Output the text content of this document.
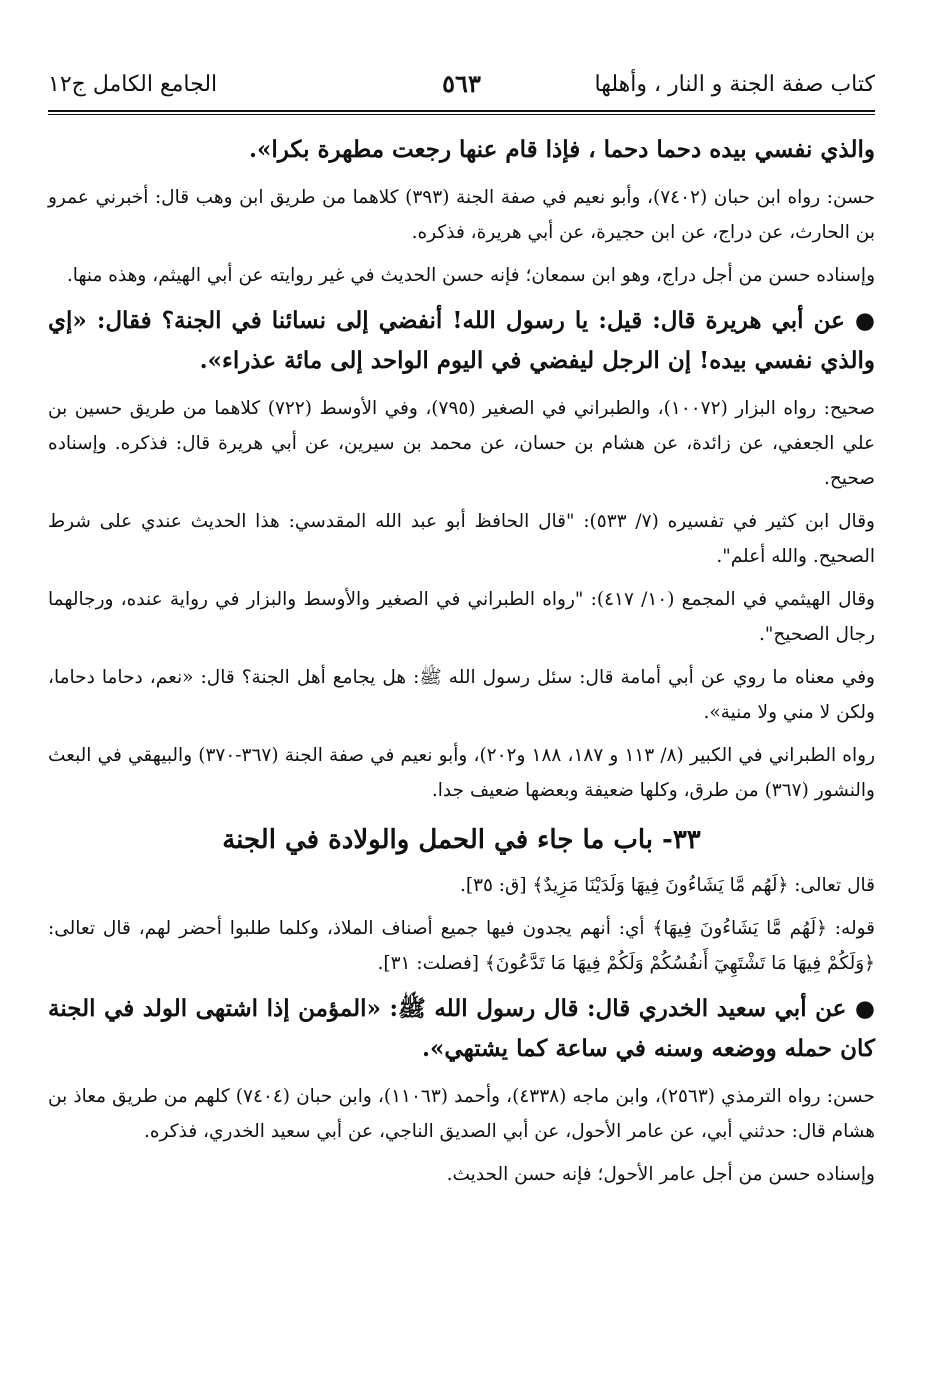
كتاب صفة الجنة و النار ، وأهلها
٥٦٣
الجامع الكامل ج١٢

والذي نفسي بيده دحما دحما ، فإذا قام عنها رجعت مطهرة بكرا».

حسن: رواه ابن حبان (٧٤٠٢)، وأبو نعيم في صفة الجنة (٣٩٣) كلاهما من طريق ابن وهب قال: أخبرني عمرو بن الحارث، عن دراج، عن ابن حجيرة، عن أبي هريرة، فذكره.

وإسناده حسن من أجل دراج، وهو ابن سمعان؛ فإنه حسن الحديث في غير روايته عن أبي الهيثم، وهذه منها.

● عن أبي هريرة قال: قيل: يا رسول الله! أنفضي إلى نسائنا في الجنة؟ فقال: «إي والذي نفسي بيده! إن الرجل ليفضي في اليوم الواحد إلى مائة عذراء».

صحيح: رواه البزار (١٠٠٧٢)، والطبراني في الصغير (٧٩٥)، وفي الأوسط (٧٢٢) كلاهما من طريق حسين بن علي الجعفي، عن زائدة، عن هشام بن حسان، عن محمد بن سيرين، عن أبي هريرة قال: فذكره. وإسناده صحيح.

وقال ابن كثير في تفسيره (٧/ ٥٣٣): "قال الحافظ أبو عبد الله المقدسي: هذا الحديث عندي على شرط الصحيح. والله أعلم".

وقال الهيثمي في المجمع (١٠/ ٤١٧): "رواه الطبراني في الصغير والأوسط والبزار في رواية عنده، ورجالهما رجال الصحيح".

وفي معناه ما روي عن أبي أمامة قال: سئل رسول الله ﷺ: هل يجامع أهل الجنة؟ قال: «نعم، دحاما دحاما، ولكن لا مني ولا منية».

رواه الطبراني في الكبير (٨/ ١١٣ و ١٨٧، ١٨٨ و٢٠٢)، وأبو نعيم في صفة الجنة (٣٦٧-٣٧٠) والبيهقي في البعث والنشور (٣٦٧) من طرق، وكلها ضعيفة وبعضها ضعيف جدا.

٣٣- باب ما جاء في الحمل والولادة في الجنة

قال تعالى: ﴿لَهُم مَّا يَشَاءُونَ فِيهَا وَلَدَيْنَا مَزِيدٌ﴾ [ق: ٣٥].

قوله: ﴿لَهُم مَّا يَشَاءُونَ فِيهَا﴾ أي: أنهم يجدون فيها جميع أصناف الملاذ، وكلما طلبوا أحضر لهم، قال تعالى: ﴿وَلَكُمْ فِيهَا مَا تَشْتَهِيٓ أَنفُسُكُمْ وَلَكُمْ فِيهَا مَا تَدَّعُونَ﴾ [فصلت: ٣١].

● عن أبي سعيد الخدري قال: قال رسول الله ﷺ: «المؤمن إذا اشتهى الولد في الجنة كان حمله ووضعه وسنه في ساعة كما يشتهي».

حسن: رواه الترمذي (٢٥٦٣)، وابن ماجه (٤٣٣٨)، وأحمد (١١٠٦٣)، وابن حبان (٧٤٠٤) كلهم من طريق معاذ بن هشام قال: حدثني أبي، عن عامر الأحول، عن أبي الصديق الناجي، عن أبي سعيد الخدري، فذكره.

وإسناده حسن من أجل عامر الأحول؛ فإنه حسن الحديث.
